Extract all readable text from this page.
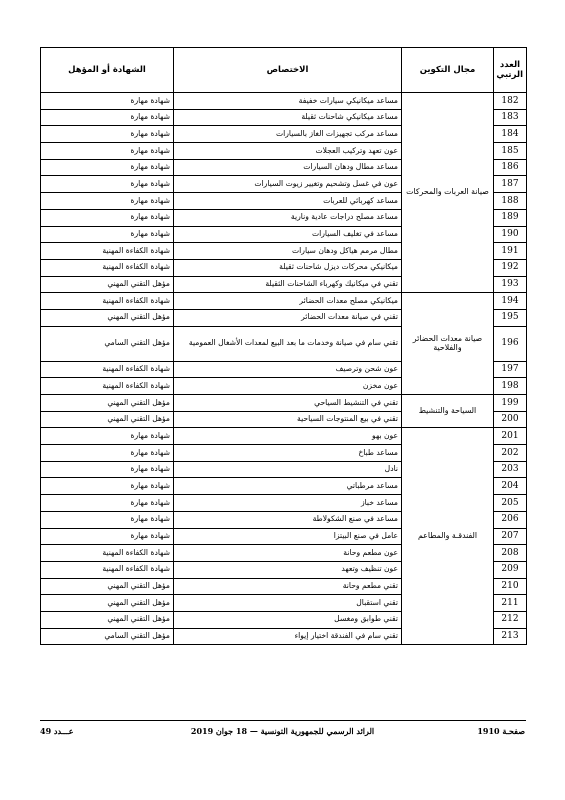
العدد الرتبي	مجال التكوين	الاختصاص	الشهادة أو المؤهل
182	صيانة العربات والمحركات	مساعد ميكانيكي سيارات خفيفة	شهادة مهارة
183		مساعد ميكانيكي شاحنات ثقيلة	شهادة مهارة
184		مساعد مركب تجهيزات الغاز بالسيارات	شهادة مهارة
185		عون تعهد وتركيب العجلات	شهادة مهارة
186		مساعد مطال ودهان السيارات	شهادة مهارة
187		عون في غسل وتشحيم وتغيير زيوت السيارات	شهادة مهارة
188		مساعد كهربائي للعربات	شهادة مهارة
189		مساعد مصلح دراجات عادية ونارية	شهادة مهارة
190		مساعد في تغليف السيارات	شهادة مهارة
191		مطال مرمم هياكل ودهان سيارات	شهادة الكفاءة المهنية
192		ميكانيكي محركات ديزل شاحنات ثقيلة	شهادة الكفاءة المهنية
193		تقني في ميكانيك وكهرباء الشاحنات الثقيلة	مؤهل التقني المهني
194	صيانة معدات الحضائر والفلاحية	ميكانيكي مصلح معدات الحضائر	شهادة الكفاءة المهنية
195		تقني في صيانة معدات الحضائر	مؤهل التقني المهني
196		تقني سام في صيانة وخدمات ما بعد البيع لمعدات الأشغال العمومية	مؤهل التقني السامي
197		عون شحن وترصيف	شهادة الكفاءة المهنية
198		عون مخزن	شهادة الكفاءة المهنية
199	السياحة والتنشيط	تقني في التنشيط السياحي	مؤهل التقني المهني
200		تقني في بيع المنتوجات السياحية	مؤهل التقني المهني
201	الفندقـة والمطاعم	عون بهو	شهادة مهارة
202		مساعد طباخ	شهادة مهارة
203		نادل	شهادة مهارة
204		مساعد مرطباتي	شهادة مهارة
205		مساعد خباز	شهادة مهارة
206		مساعد في صنع الشكولاطة	شهادة مهارة
207		عامل في صنع البيتزا	شهادة مهارة
208		عون مطعم وحانة	شهادة الكفاءة المهنية
209		عون تنظيف وتعهد	شهادة الكفاءة المهنية
210		تقني مطعم وحانة	مؤهل التقني المهني
211		تقني استقبال	مؤهل التقني المهني
212		تقني طوابق ومغسل	مؤهل التقني المهني
213		تقني سام في الفندقة اختيار إيواء	مؤهل التقني السامي
صفحـة 1910
الرائد الرسمي للجمهورية التونسية — 18 جوان 2019
عـــدد 49
